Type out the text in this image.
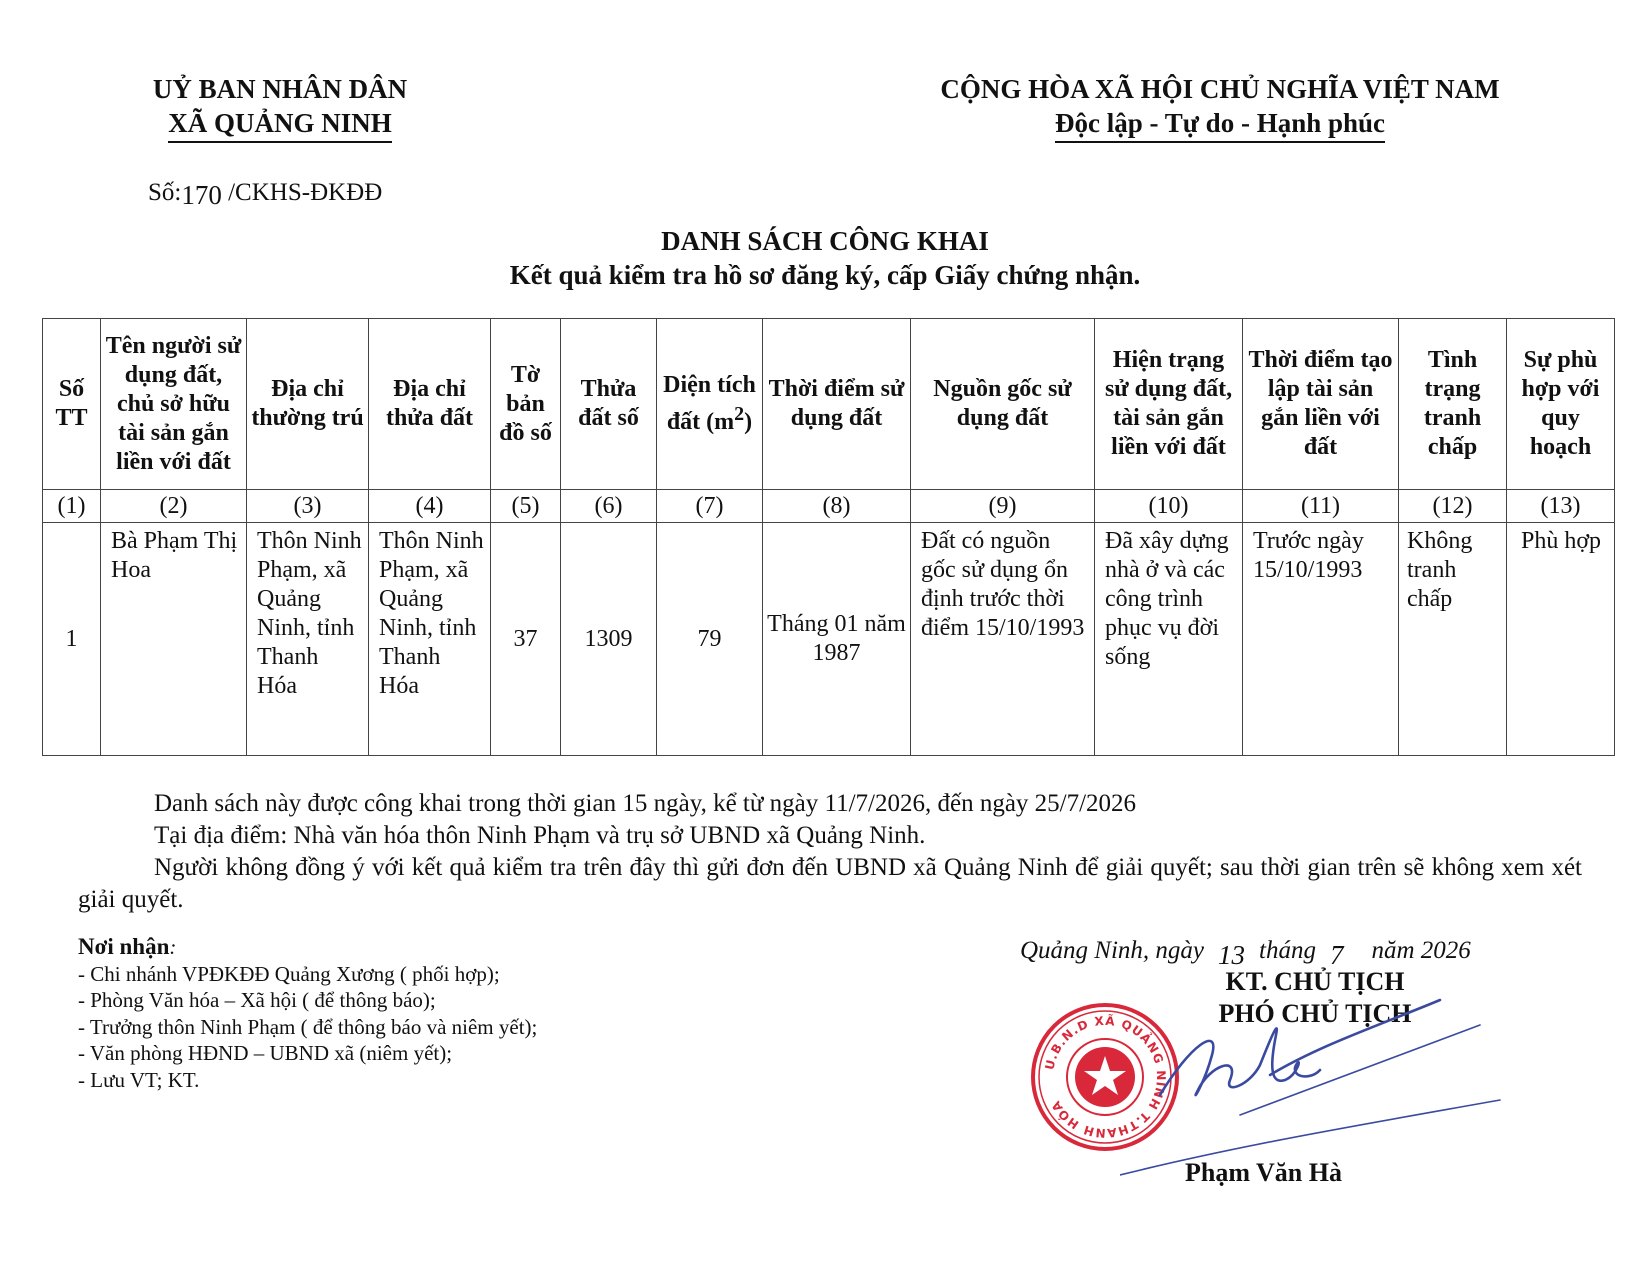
UỶ BAN NHÂN DÂN
XÃ QUẢNG NINH
CỘNG HÒA XÃ HỘI CHỦ NGHĨA VIỆT NAM
Độc lập - Tự do - Hạnh phúc
Số:170 /CKHS-ĐKĐĐ
DANH SÁCH CÔNG KHAI
Kết quả kiểm tra hồ sơ đăng ký, cấp Giấy chứng nhận.
Số TT	Tên người sử dụng đất, chủ sở hữu tài sản gắn liền với đất	Địa chỉ thường trú	Địa chỉ thửa đất	Tờ bản đồ số	Thửa đất số	Diện tích đất $(m^2)$	Thời điểm sử dụng đất	Nguồn gốc sử dụng đất	Hiện trạng sử dụng đất, tài sản gắn liền với đất	Thời điểm tạo lập tài sản gắn liền với đất	Tình trạng tranh chấp	Sự phù hợp với quy hoạch
(1)	(2)	(3)	(4)	(5)	(6)	(7)	(8)	(9)	(10)	(11)	(12)	(13)
1	Bà Phạm Thị Hoa	Thôn Ninh Phạm, xã Quảng Ninh, tỉnh Thanh Hóa	Thôn Ninh Phạm, xã Quảng Ninh, tỉnh Thanh Hóa	37	1309	79	Tháng 01 năm 1987	Đất có nguồn gốc sử dụng ổn định trước thời điểm 15/10/1993	Đã xây dựng nhà ở và các công trình phục vụ đời sống	Trước ngày 15/10/1993	Không tranh chấp	Phù hợp

Danh sách này được công khai trong thời gian 15 ngày, kể từ ngày 11/7/2026, đến ngày 25/7/2026

Tại địa điểm: Nhà văn hóa thôn Ninh Phạm và trụ sở UBND xã Quảng Ninh.

Người không đồng ý với kết quả kiểm tra trên đây thì gửi đơn đến UBND xã Quảng Ninh để giải quyết; sau thời gian trên sẽ không xem xét giải quyết.

Nơi nhận:
- Chi nhánh VPĐKĐĐ Quảng Xương ( phối hợp);
- Phòng Văn hóa – Xã hội ( để thông báo);
- Trưởng thôn Ninh Phạm ( để thông báo và niêm yết);
- Văn phòng HĐND – UBND xã (niêm yết);
- Lưu VT; KT.
Quảng Ninh, ngày 13 tháng 7 năm 2026
KT. CHỦ TỊCH
PHÓ CHỦ TỊCH
U.B.N.D XÃ QUẢNG NINH T.THANH HÓA
Phạm Văn Hà
